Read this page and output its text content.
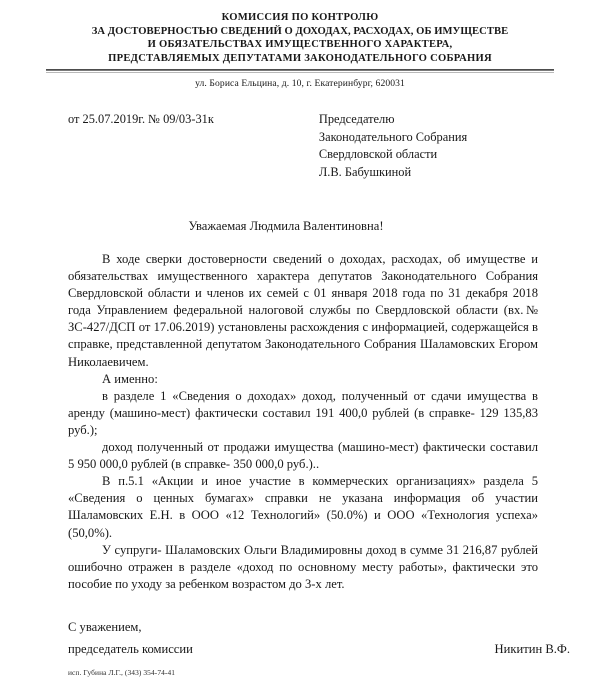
КОМИССИЯ ПО КОНТРОЛЮ
ЗА ДОСТОВЕРНОСТЬЮ СВЕДЕНИЙ О ДОХОДАХ, РАСХОДАХ, ОБ ИМУЩЕСТВЕ
И ОБЯЗАТЕЛЬСТВАХ ИМУЩЕСТВЕННОГО ХАРАКТЕРА,
ПРЕДСТАВЛЯЕМЫХ ДЕПУТАТАМИ ЗАКОНОДАТЕЛЬНОГО СОБРАНИЯ
ул. Бориса Ельцина, д. 10, г. Екатеринбург, 620031
от 25.07.2019г. № 09/03-31к	Председателю
Законодательного Собрания
Свердловской области
Л.В. Бабушкиной
Уважаемая Людмила Валентиновна!

В ходе сверки достоверности сведений о доходах, расходах, об имуществе и обязательствах имущественного характера депутатов Законодательного Собрания Свердловской области и членов их семей с 01 января 2018 года по 31 декабря 2018 года Управлением федеральной налоговой службы по Свердловской области (вх.№ ЗС-427/ДСП от 17.06.2019) установлены расхождения с информацией, содержащейся в справке, представленной депутатом Законодательного Собрания Шаламовских Егором Николаевичем.

А именно:

в разделе 1 «Сведения о доходах» доход, полученный от сдачи имущества в аренду (машино-мест) фактически составил 191 400,0 рублей (в справке- 129 135,83 руб.);

доход полученный от продажи имущества (машино-мест) фактически составил 5 950 000,0 рублей (в справке- 350 000,0 руб.)..

В п.5.1 «Акции и иное участие в коммерческих организациях» раздела 5 «Сведения о ценных бумагах» справки не указана информация об участии Шаламовских Е.Н. в ООО «12 Технологий» (50.0%) и ООО «Технология успеха» (50,0%).

У супруги- Шаламовских Ольги Владимировны доход в сумме 31 216,87 рублей ошибочно отражен в разделе «доход по основному месту работы», фактически это пособие по уходу за ребенком возрастом до 3-х лет.

С уважением,
председатель комиссии	Никитин В.Ф.
исп. Губина Л.Г., (343) 354-74-41
